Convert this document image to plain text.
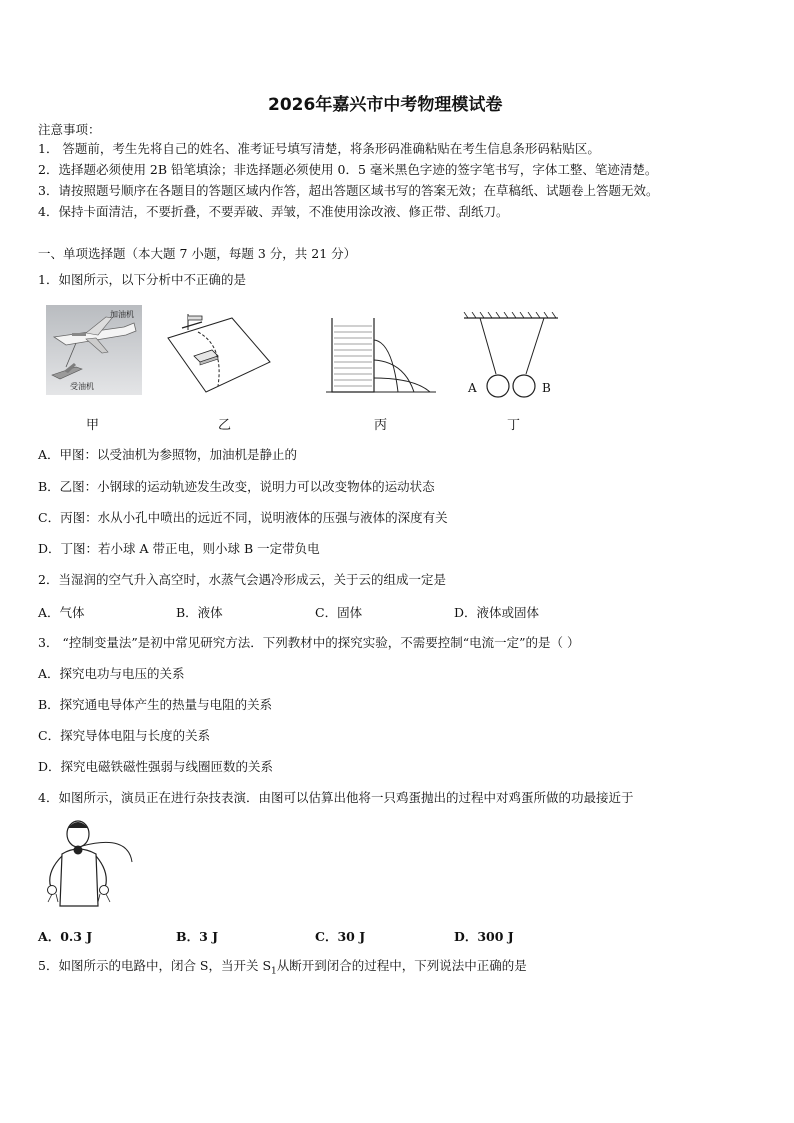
2026年嘉兴市中考物理模试卷
注意事项：
1． 答题前，考生先将自己的姓名、准考证号填写清楚，将条形码准确粘贴在考生信息条形码粘贴区。
2．选择题必须使用 2B 铅笔填涂；非选择题必须使用 0．5 毫米黑色字迹的签字笔书写，字体工整、笔迹清楚。
3．请按照题号顺序在各题目的答题区域内作答，超出答题区域书写的答案无效；在草稿纸、试题卷上答题无效。
4．保持卡面清洁，不要折叠，不要弄破、弄皱，不准使用涂改液、修正带、刮纸刀。
一、单项选择题（本大题 7 小题，每题 3 分，共 21 分）
1．如图所示，以下分析中不正确的是
加油机
受油机	A	B
甲	乙	丙	丁
A．甲图：以受油机为参照物，加油机是静止的
B．乙图：小钢球的运动轨迹发生改变，说明力可以改变物体的运动状态
C．丙图：水从小孔中喷出的远近不同，说明液体的压强与液体的深度有关
D．丁图：若小球 A 带正电，则小球 B 一定带负电
2．当湿润的空气升入高空时，水蒸气会遇冷形成云，关于云的组成一定是
A．气体	B．液体	C．固体	D．液体或固体
3． “控制变量法”是初中常见研究方法．下列教材中的探究实验，不需要控制“电流一定”的是（ ）
A．探究电功与电压的关系
B．探究通电导体产生的热量与电阻的关系
C．探究导体电阻与长度的关系
D．探究电磁铁磁性强弱与线圈匝数的关系
4．如图所示，演员正在进行杂技表演．由图可以估算出他将一只鸡蛋抛出的过程中对鸡蛋所做的功最接近于
A．0.3 J	B．3 J	C．30 J	D．300 J
5．如图所示的电路中，闭合 S，当开关 $S_1$从断开到闭合的过程中，下列说法中正确的是
